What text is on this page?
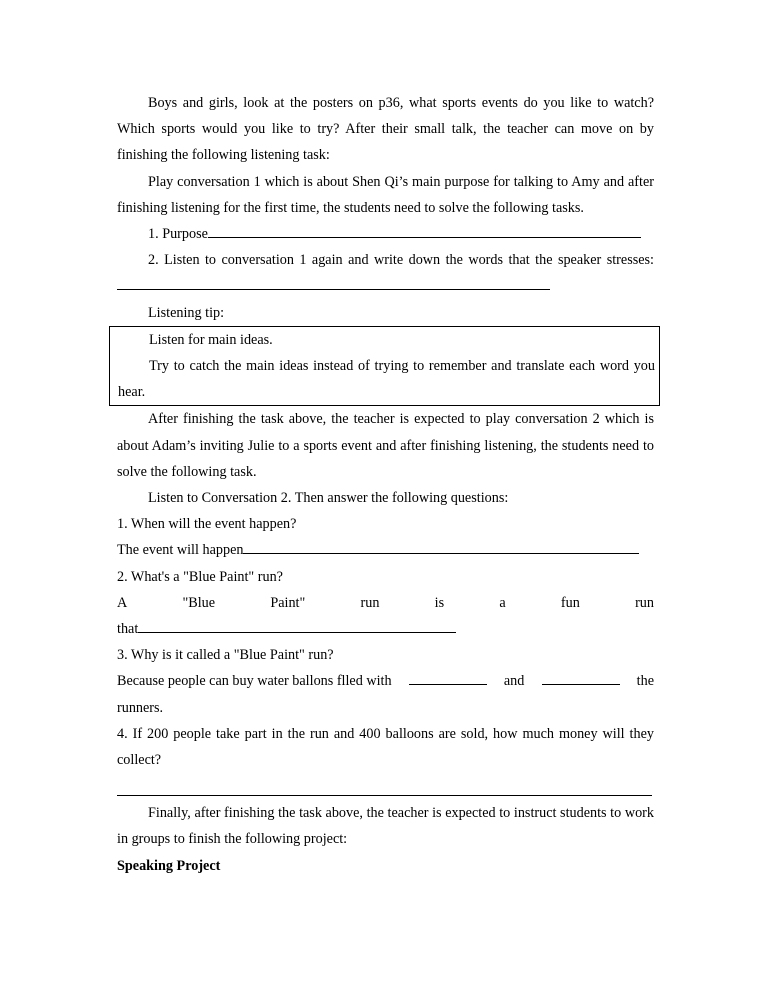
Boys and girls, look at the posters on p36, what sports events do you like to watch? Which sports would you like to try? After their small talk, the teacher can move on by finishing the following listening task:

Play conversation 1 which is about Shen Qi’s main purpose for talking to Amy and after finishing listening for the first time, the students need to solve the following tasks.

1. Purpose

2. Listen to conversation 1 again and write down the words that the speaker stresses:

Listening tip:

Listen for main ideas.

Try to catch the main ideas instead of trying to remember and translate each word you hear.

After finishing the task above, the teacher is expected to play conversation 2 which is about Adam’s inviting Julie to a sports event and after finishing listening, the students need to solve the following task.

Listen to Conversation 2. Then answer the following questions:

1. When will the event happen?

The event will happen

2. What's a "Blue Paint" run?

A	"Blue	Paint"	run	is	a	fun	run

that

3. Why is it called a "Blue Paint" run?

Because people can buy water ballons flled with	and	the

runners.

4. If 200 people take part in the run and 400 balloons are sold, how much money will they collect?

Finally, after finishing the task above, the teacher is expected to instruct students to work in groups to finish the following project:

Speaking Project
